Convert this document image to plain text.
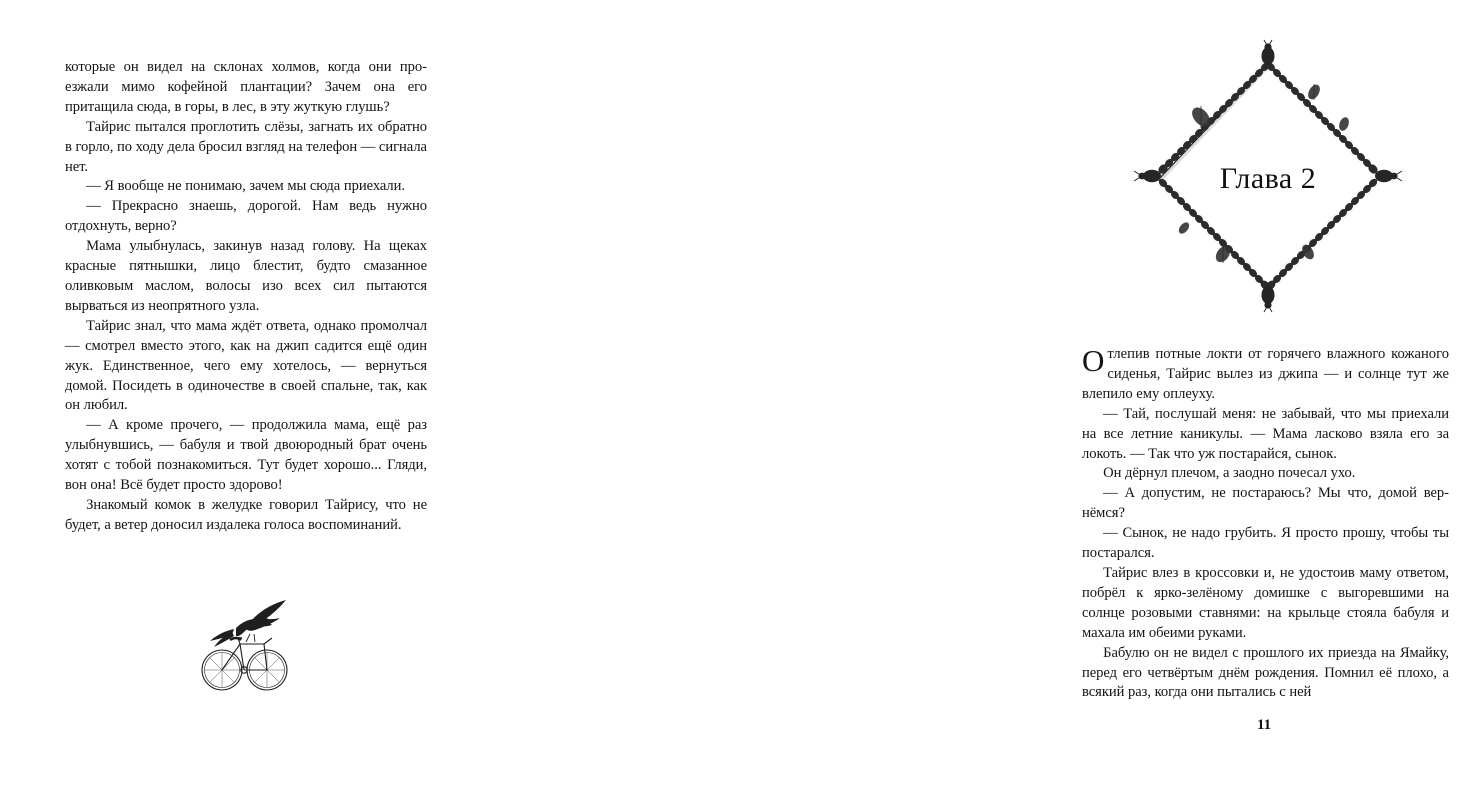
которые он видел на склонах холмов, когда они проезжали мимо кофейной плантации? Зачем она его притащила сюда, в горы, в лес, в эту жуткую глушь?

Тайрис пытался проглотить слёзы, загнать их обратно в горло, по ходу дела бросил взгляд на телефон — сигнала нет.

— Я вообще не понимаю, зачем мы сюда приехали.

— Прекрасно знаешь, дорогой. Нам ведь нужно отдохнуть, верно?

Мама улыбнулась, закинув назад голову. На щеках красные пятнышки, лицо блестит, будто смазанное оливковым маслом, волосы изо всех сил пытаются вырваться из неопрятного узла.

Тайрис знал, что мама ждёт ответа, однако промолчал — смотрел вместо этого, как на джип садится ещё один жук. Единственное, чего ему хотелось, — вернуться домой. Посидеть в одиночестве в своей спальне, так, как он любил.

— А кроме прочего, — продолжила мама, ещё раз улыбнувшись, — бабуля и твой двоюродный брат очень хотят с тобой познакомиться. Тут будет хорошо... Гляди, вон она! Всё будет просто здорово!

Знакомый комок в желудке говорил Тайрису, что не будет, а ветер доносил издалека голоса воспоминаний.

Глава 2

Отлепив потные локти от горячего влажного кожаного сиденья, Тайрис вылез из джипа — и солнце тут же влепило ему оплеуху.

— Тай, послушай меня: не забывай, что мы приехали на все летние каникулы. — Мама ласково взяла его за локоть. — Так что уж постарайся, сынок.

Он дёрнул плечом, а заодно почесал ухо.

— А допустим, не постараюсь? Мы что, домой вернёмся?

— Сынок, не надо грубить. Я просто прошу, чтобы ты постарался.

Тайрис влез в кроссовки и, не удостоив маму ответом, побрёл к ярко-зелёному домишке с выгоревшими на солнце розовыми ставнями: на крыльце стояла бабуля и махала им обеими руками.

Бабулю он не видел с прошлого их приезда на Ямайку, перед его четвёртым днём рождения. Помнил её плохо, а всякий раз, когда они пытались с ней

11
